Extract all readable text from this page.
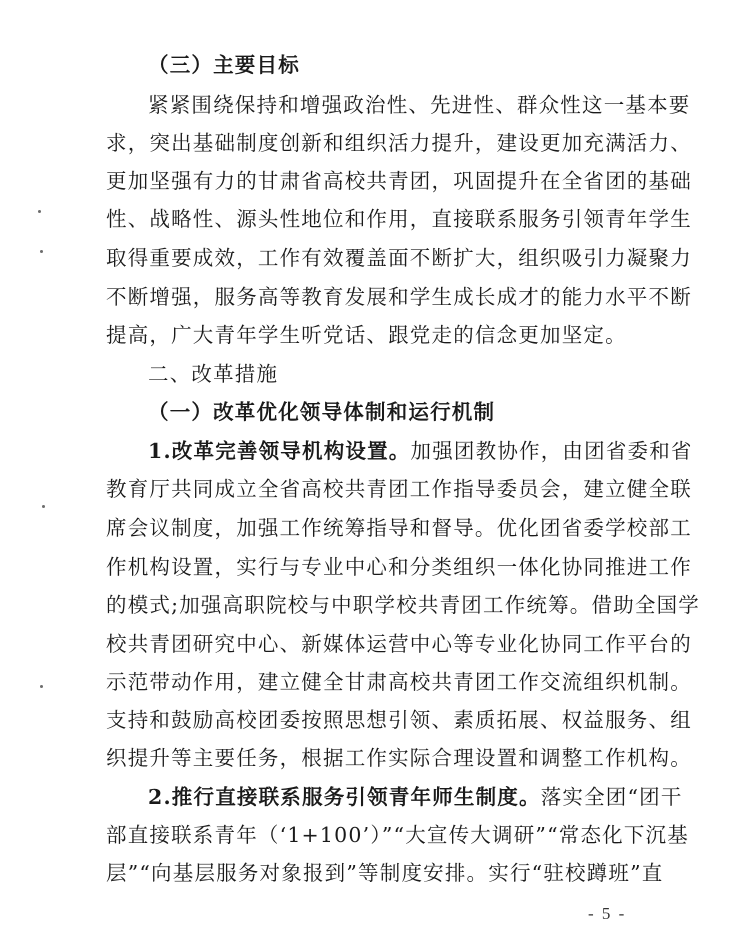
（三）主要目标
紧紧围绕保持和增强政治性、先进性、群众性这一基本要
求，突出基础制度创新和组织活力提升，建设更加充满活力、
更加坚强有力的甘肃省高校共青团，巩固提升在全省团的基础
性、战略性、源头性地位和作用，直接联系服务引领青年学生
取得重要成效，工作有效覆盖面不断扩大，组织吸引力凝聚力
不断增强，服务高等教育发展和学生成长成才的能力水平不断
提高，广大青年学生听党话、跟党走的信念更加坚定。
二、改革措施
（一）改革优化领导体制和运行机制
1.改革完善领导机构设置。加强团教协作，由团省委和省
教育厅共同成立全省高校共青团工作指导委员会，建立健全联
席会议制度，加强工作统筹指导和督导。优化团省委学校部工
作机构设置，实行与专业中心和分类组织一体化协同推进工作
的模式;加强高职院校与中职学校共青团工作统筹。借助全国学
校共青团研究中心、新媒体运营中心等专业化协同工作平台的
示范带动作用，建立健全甘肃高校共青团工作交流组织机制。
支持和鼓励高校团委按照思想引领、素质拓展、权益服务、组
织提升等主要任务，根据工作实际合理设置和调整工作机构。
2.推行直接联系服务引领青年师生制度。落实全团“团干
部直接联系青年（‘1+100’）”“大宣传大调研”“常态化下沉基
层”“向基层服务对象报到”等制度安排。实行“驻校蹲班”直
- 5 -
